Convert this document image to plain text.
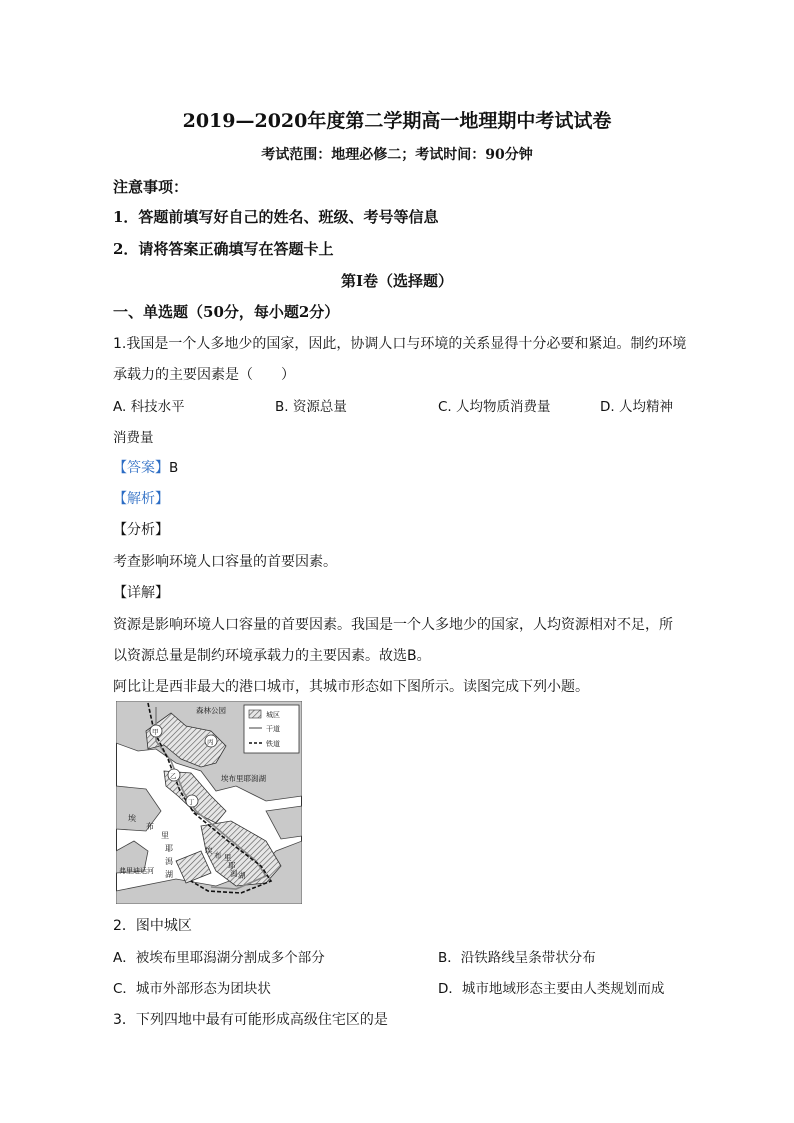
2019—2020年度第二学期高一地理期中考试试卷
考试范围：地理必修二；考试时间：90分钟
注意事项：
1．答题前填写好自己的姓名、班级、考号等信息
2．请将答案正确填写在答题卡上
第I卷（选择题）
一、单选题（50分，每小题2分）
1.我国是一个人多地少的国家，因此，协调人口与环境的关系显得十分必要和紧迫。制约环境
承载力的主要因素是（　　）
A. 科技水平	B. 资源总量	C. 人均物质消费量	D. 人均精神
消费量
【答案】B
【解析】
【分析】
考查影响环境人口容量的首要因素。
【详解】
资源是影响环境人口容量的首要因素。我国是一个人多地少的国家，人均资源相对不足，所
以资源总量是制约环境承载力的主要因素。故选B。
阿比让是西非最大的港口城市，其城市形态如下图所示。读图完成下列小题。
森林公园	城区
干道
铁道
甲
乙
丙
丁
埃布里耶潟湖
埃
布
里
耶
潟
湖
埃
布 里
耶
潟 湖
弗里迪运河
2．图中城区
A．被埃布里耶潟湖分割成多个部分	B．沿铁路线呈条带状分布
C．城市外部形态为团块状	D．城市地域形态主要由人类规划而成
3．下列四地中最有可能形成高级住宅区的是
